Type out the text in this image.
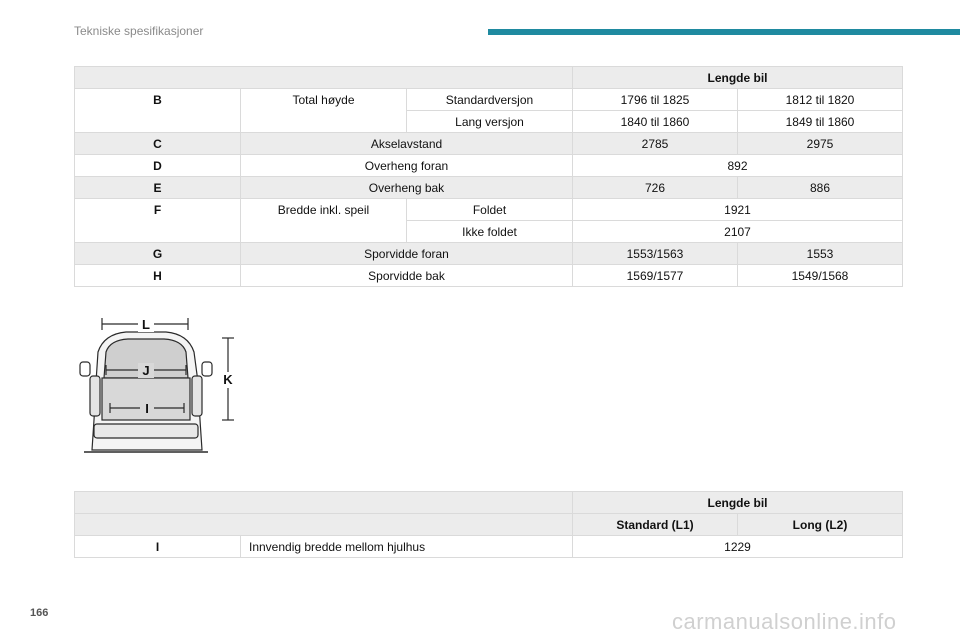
Tekniske spesifikasjoner
			Lengde bil	
B	Total høyde	Standardversjon	1796 til 1825	1812 til 1820
		Lang versjon	1840 til 1860	1849 til 1860
C	Akselavstand		2785	2975
D	Overheng foran		892	
E	Overheng bak		726	886
F	Bredde inkl. speil	Foldet	1921	
		Ikke foldet	2107	
G	Sporvidde foran		1553/1563	1553
H	Sporvidde bak		1569/1577	1549/1568
L
J
K
I
		Lengde bil	
		Standard (L1)	Long (L2)
I	Innvendig bredde mellom hjulhus	1229	
166	carmanualsonline.info
